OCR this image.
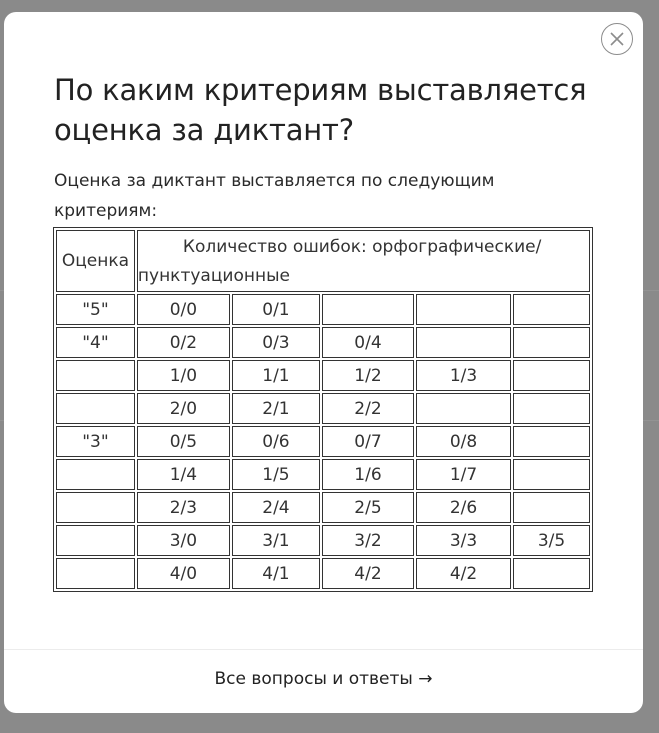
По каким критериям выставляется оценка за диктант?

Оценка за диктант выставляется по следующим критериям:

Оценка	Количество ошибок: орфографические/
пунктуационные				

"5"	0/0	0/1			
"4"	0/2	0/3	0/4		
	1/0	1/1	1/2	1/3	
	2/0	2/1	2/2		
"3"	0/5	0/6	0/7	0/8	
	1/4	1/5	1/6	1/7	
	2/3	2/4	2/5	2/6	
	3/0	3/1	3/2	3/3	3/5
	4/0	4/1	4/2	4/2	
Все вопросы и ответы →
